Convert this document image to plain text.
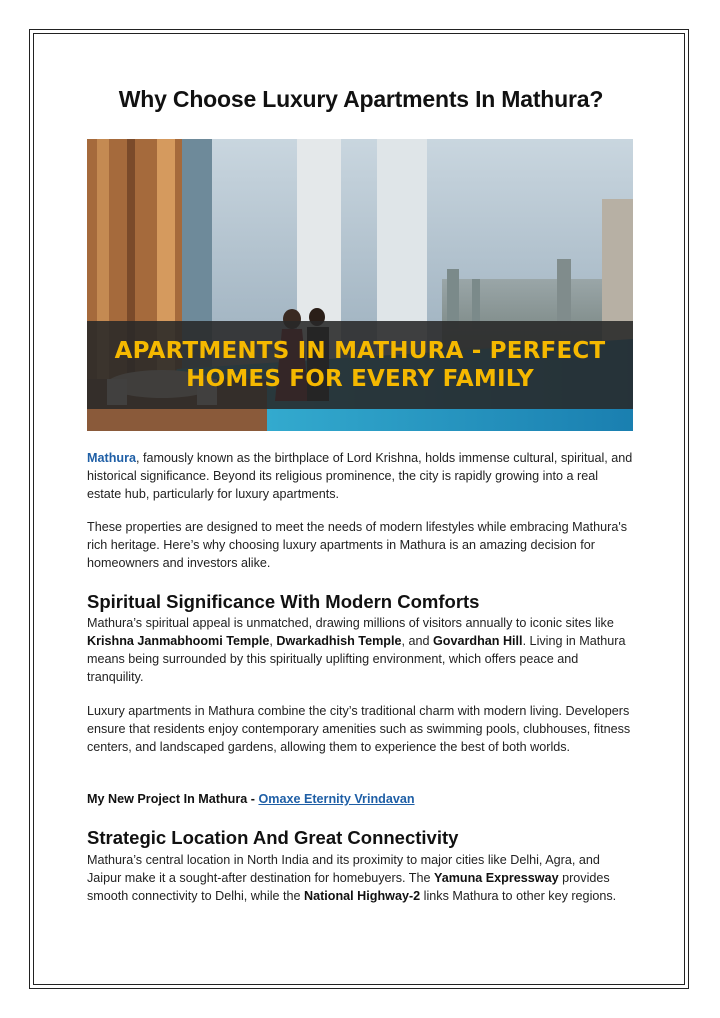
Why Choose Luxury Apartments In Mathura?
APARTMENTS IN MATHURA - PERFECT
HOMES FOR EVERY FAMILY

Mathura, famously known as the birthplace of Lord Krishna, holds immense cultural, spiritual, and historical significance. Beyond its religious prominence, the city is rapidly growing into a real estate hub, particularly for luxury apartments.

These properties are designed to meet the needs of modern lifestyles while embracing Mathura's rich heritage. Here’s why choosing luxury apartments in Mathura is an amazing decision for homeowners and investors alike.

Spiritual Significance With Modern Comforts

Mathura’s spiritual appeal is unmatched, drawing millions of visitors annually to iconic sites like Krishna Janmabhoomi Temple, Dwarkadhish Temple, and Govardhan Hill. Living in Mathura means being surrounded by this spiritually uplifting environment, which offers peace and tranquility.

Luxury apartments in Mathura combine the city’s traditional charm with modern living. Developers ensure that residents enjoy contemporary amenities such as swimming pools, clubhouses, fitness centers, and landscaped gardens, allowing them to experience the best of both worlds.

My New Project In Mathura - Omaxe Eternity Vrindavan

Strategic Location And Great Connectivity

Mathura’s central location in North India and its proximity to major cities like Delhi, Agra, and Jaipur make it a sought-after destination for homebuyers. The Yamuna Expressway provides smooth connectivity to Delhi, while the National Highway-2 links Mathura to other key regions.
